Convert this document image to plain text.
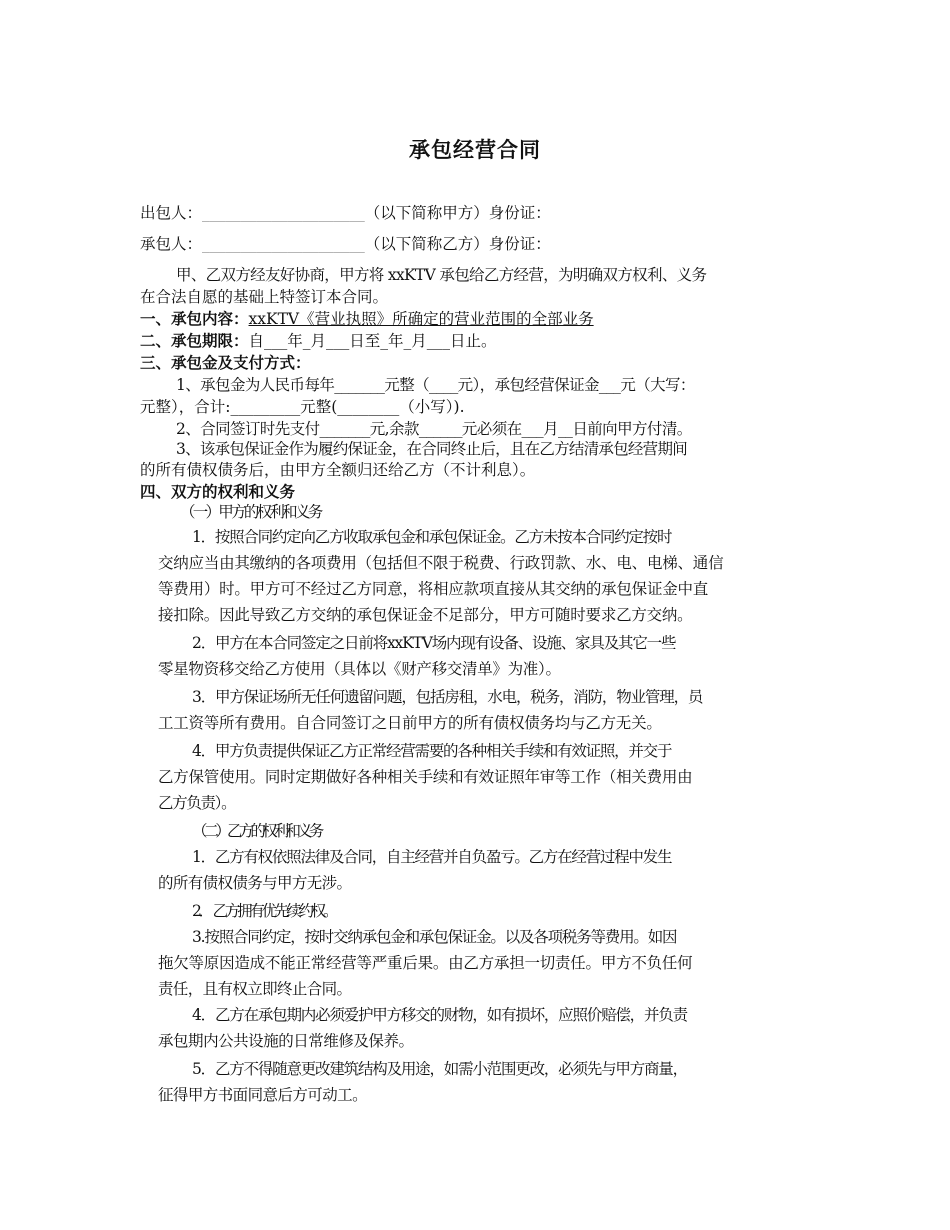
承包经营合同
出包人：_____________________（以下简称甲方）身份证：
承包人：_____________________（以下简称乙方）身份证：
甲、乙双方经友好协商，甲方将 xxKTV 承包给乙方经营，为明确双方权利、义务
在合法自愿的基础上特签订本合同。
一、承包内容：xxKTV《营业执照》所确定的营业范围的全部业务
二、承包期限：自___年_月___日至_年_月___日止。
三、承包金及支付方式：
1、承包金为人民币每年_______元整（____元），承包经营保证金___元（大写：
元整），合计:_________元整(________（小写）).
2、合同签订时先支付_______元,余款______元必须在___月__日前向甲方付清。
3、该承包保证金作为履约保证金，在合同终止后，且在乙方结清承包经营期间
的所有债权债务后，由甲方全额归还给乙方（不计利息）。
四、双方的权利和义务
（一）甲方的权利和义务
1．按照合同约定向乙方收取承包金和承包保证金。乙方未按本合同约定按时
交纳应当由其缴纳的各项费用（包括但不限于税费、行政罚款、水、电、电梯、通信
等费用）时。甲方可不经过乙方同意，将相应款项直接从其交纳的承包保证金中直
接扣除。因此导致乙方交纳的承包保证金不足部分，甲方可随时要求乙方交纳。
2．甲方在本合同签定之日前将xxKTV场内现有设备、设施、家具及其它一些
零星物资移交给乙方使用（具体以《财产移交清单》为准）。
3．甲方保证场所无任何遗留问题，包括房租，水电，税务，消防，物业管理，员
工工资等所有费用。自合同签订之日前甲方的所有债权债务均与乙方无关。
4．甲方负责提供保证乙方正常经营需要的各种相关手续和有效证照，并交于
乙方保管使用。同时定期做好各种相关手续和有效证照年审等工作（相关费用由
乙方负责）。
（二）乙方的权利和义务
1．乙方有权依照法律及合同，自主经营并自负盈亏。乙方在经营过程中发生
的所有债权债务与甲方无涉。
2． 乙方拥有优先续约权。
3.按照合同约定，按时交纳承包金和承包保证金。以及各项税务等费用。如因
拖欠等原因造成不能正常经营等严重后果。由乙方承担一切责任。甲方不负任何
责任，且有权立即终止合同。
4．乙方在承包期内必须爱护甲方移交的财物，如有损坏，应照价赔偿，并负责
承包期内公共设施的日常维修及保养。
5．乙方不得随意更改建筑结构及用途，如需小范围更改，必须先与甲方商量，
征得甲方书面同意后方可动工。
